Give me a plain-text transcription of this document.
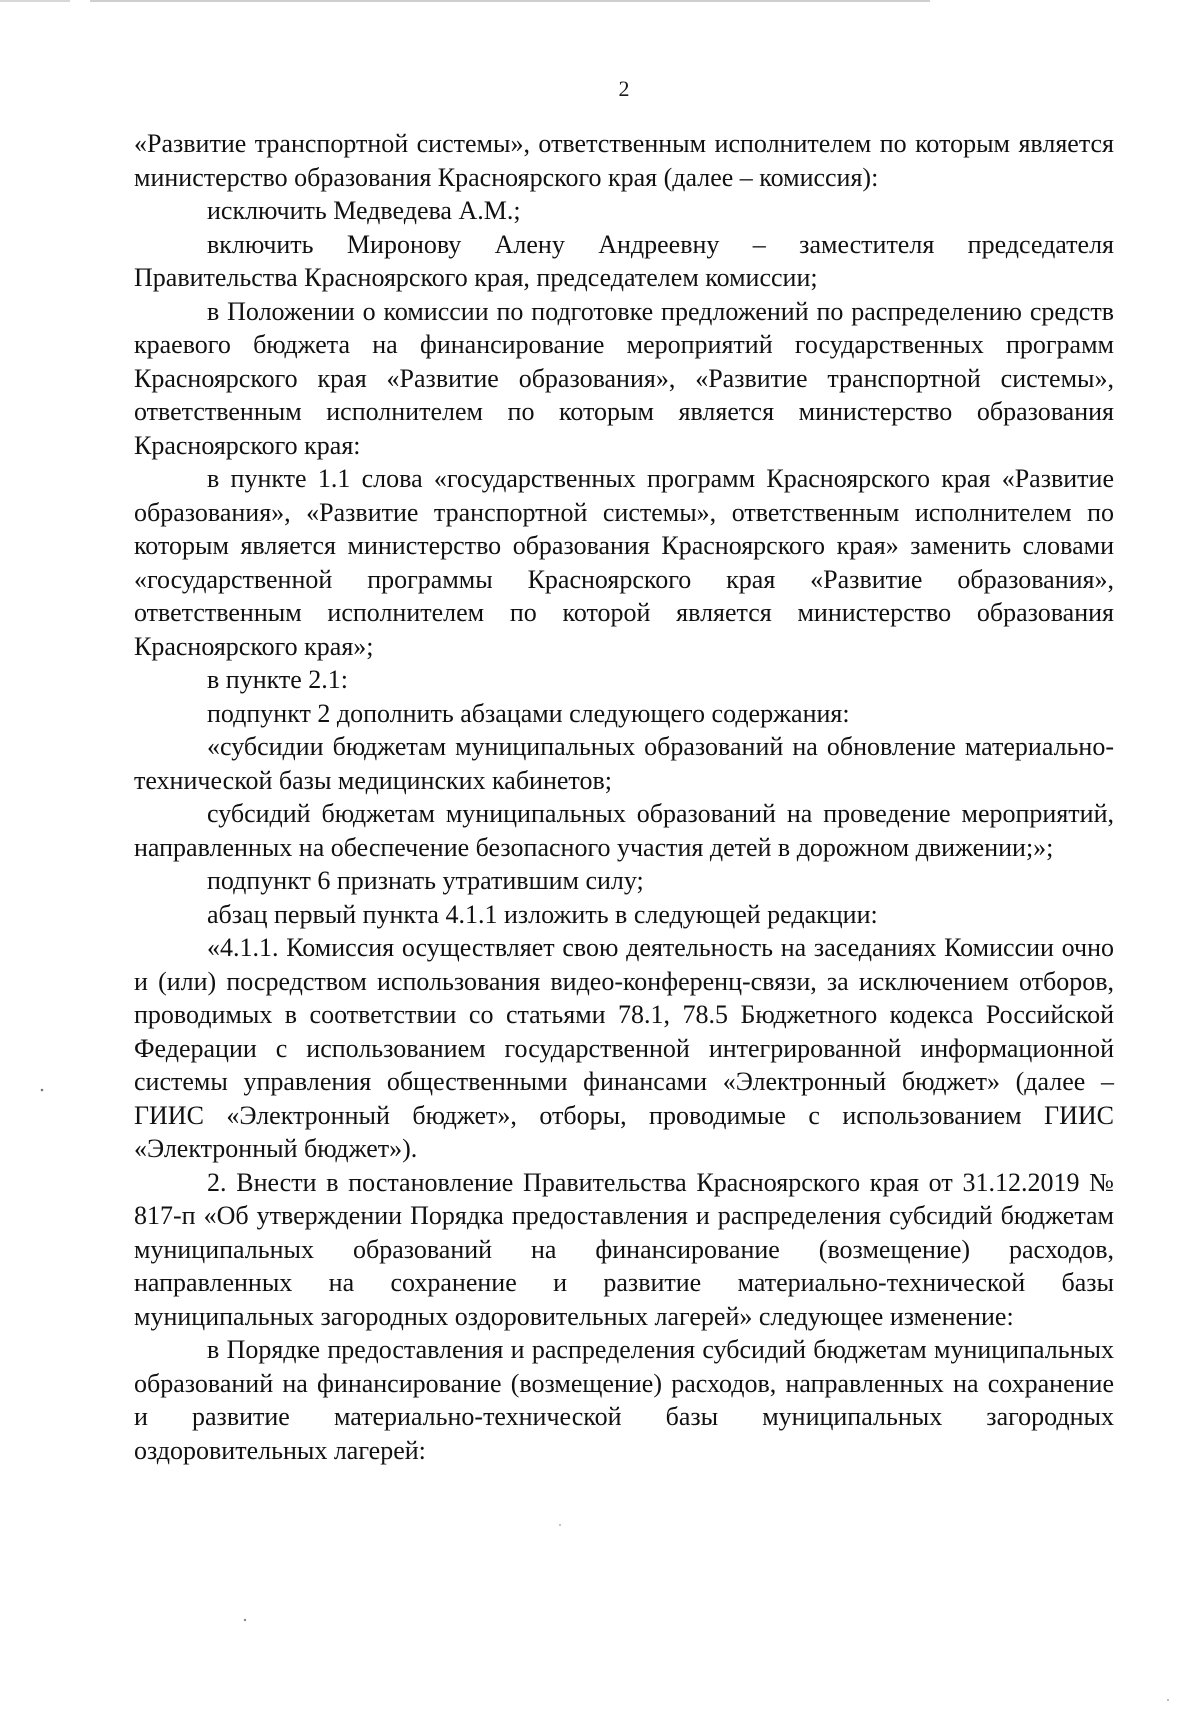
2

«Развитие транспортной системы», ответственным исполнителем по которым является министерство образования Красноярского края (далее – комиссия):

исключить Медведева А.М.;

включить Миронову Алену Андреевну – заместителя председателя Правительства Красноярского края, председателем комиссии;

в Положении о комиссии по подготовке предложений по распределению средств краевого бюджета на финансирование мероприятий государственных программ Красноярского края «Развитие образования», «Развитие транспортной системы», ответственным исполнителем по которым является министерство образования Красноярского края:

в пункте 1.1 слова «государственных программ Красноярского края «Развитие образования», «Развитие транспортной системы», ответственным исполнителем по которым является министерство образования Красноярского края» заменить словами «государственной программы Красноярского края «Развитие образования», ответственным исполнителем по которой является министерство образования Красноярского края»;

в пункте 2.1:

подпункт 2 дополнить абзацами следующего содержания:

«субсидии бюджетам муниципальных образований на обновление материально-технической базы медицинских кабинетов;

субсидий бюджетам муниципальных образований на проведение мероприятий, направленных на обеспечение безопасного участия детей в дорожном движении;»;

подпункт 6 признать утратившим силу;

абзац первый пункта 4.1.1 изложить в следующей редакции:

«4.1.1. Комиссия осуществляет свою деятельность на заседаниях Комиссии очно и (или) посредством использования видео-конференц-связи, за исключением отборов, проводимых в соответствии со статьями 78.1, 78.5 Бюджетного кодекса Российской Федерации с использованием государственной интегрированной информационной системы управления общественными финансами «Электронный бюджет» (далее – ГИИС «Электронный бюджет», отборы, проводимые с использованием ГИИС «Электронный бюджет»).

2. Внести в постановление Правительства Красноярского края от 31.12.2019 № 817-п «Об утверждении Порядка предоставления и распределения субсидий бюджетам муниципальных образований на финансирование (возмещение) расходов, направленных на сохранение и развитие материально-технической базы муниципальных загородных оздоровительных лагерей» следующее изменение:

в Порядке предоставления и распределения субсидий бюджетам муниципальных образований на финансирование (возмещение) расходов, направленных на сохранение и развитие материально-технической базы муниципальных загородных оздоровительных лагерей:
